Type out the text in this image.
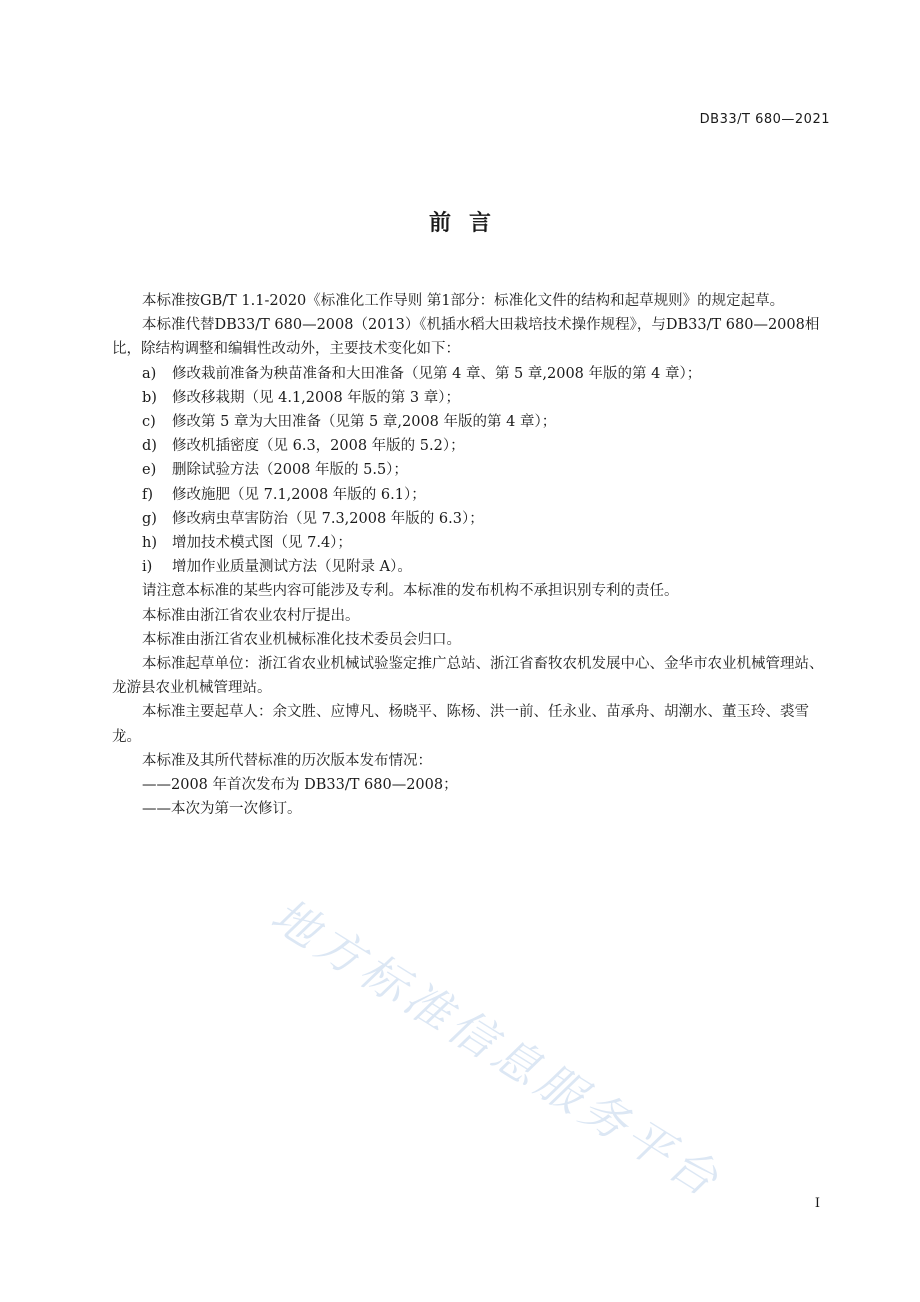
DB33/T 680—2021
前言

本标准按GB/T 1.1-2020《标准化工作导则 第1部分：标准化文件的结构和起草规则》的规定起草。

本标准代替DB33/T 680—2008（2013）《机插水稻大田栽培技术操作规程》，与DB33/T 680—2008相比，除结构调整和编辑性改动外，主要技术变化如下：

a)	修改栽前准备为秧苗准备和大田准备（见第 4 章、第 5 章,2008 年版的第 4 章）；
b)	修改移栽期（见 4.1,2008 年版的第 3 章）；
c)	修改第 5 章为大田准备（见第 5 章,2008 年版的第 4 章）；
d)	修改机插密度（见 6.3，2008 年版的 5.2）；
e)	删除试验方法（2008 年版的 5.5）；
f)	修改施肥（见 7.1,2008 年版的 6.1）；
g)	修改病虫草害防治（见 7.3,2008 年版的 6.3）；
h)	增加技术模式图（见 7.4）；
i)	增加作业质量测试方法（见附录 A）。

请注意本标准的某些内容可能涉及专利。本标准的发布机构不承担识别专利的责任。

本标准由浙江省农业农村厅提出。

本标准由浙江省农业机械标准化技术委员会归口。

本标准起草单位：浙江省农业机械试验鉴定推广总站、浙江省畜牧农机发展中心、金华市农业机械管理站、龙游县农业机械管理站。

本标准主要起草人：余文胜、应博凡、杨晓平、陈杨、洪一前、任永业、苗承舟、胡潮水、董玉玲、裘雪龙。

本标准及其所代替标准的历次版本发布情况：

——2008 年首次发布为 DB33/T 680—2008；

——本次为第一次修订。

地方标准信息服务平台	I
